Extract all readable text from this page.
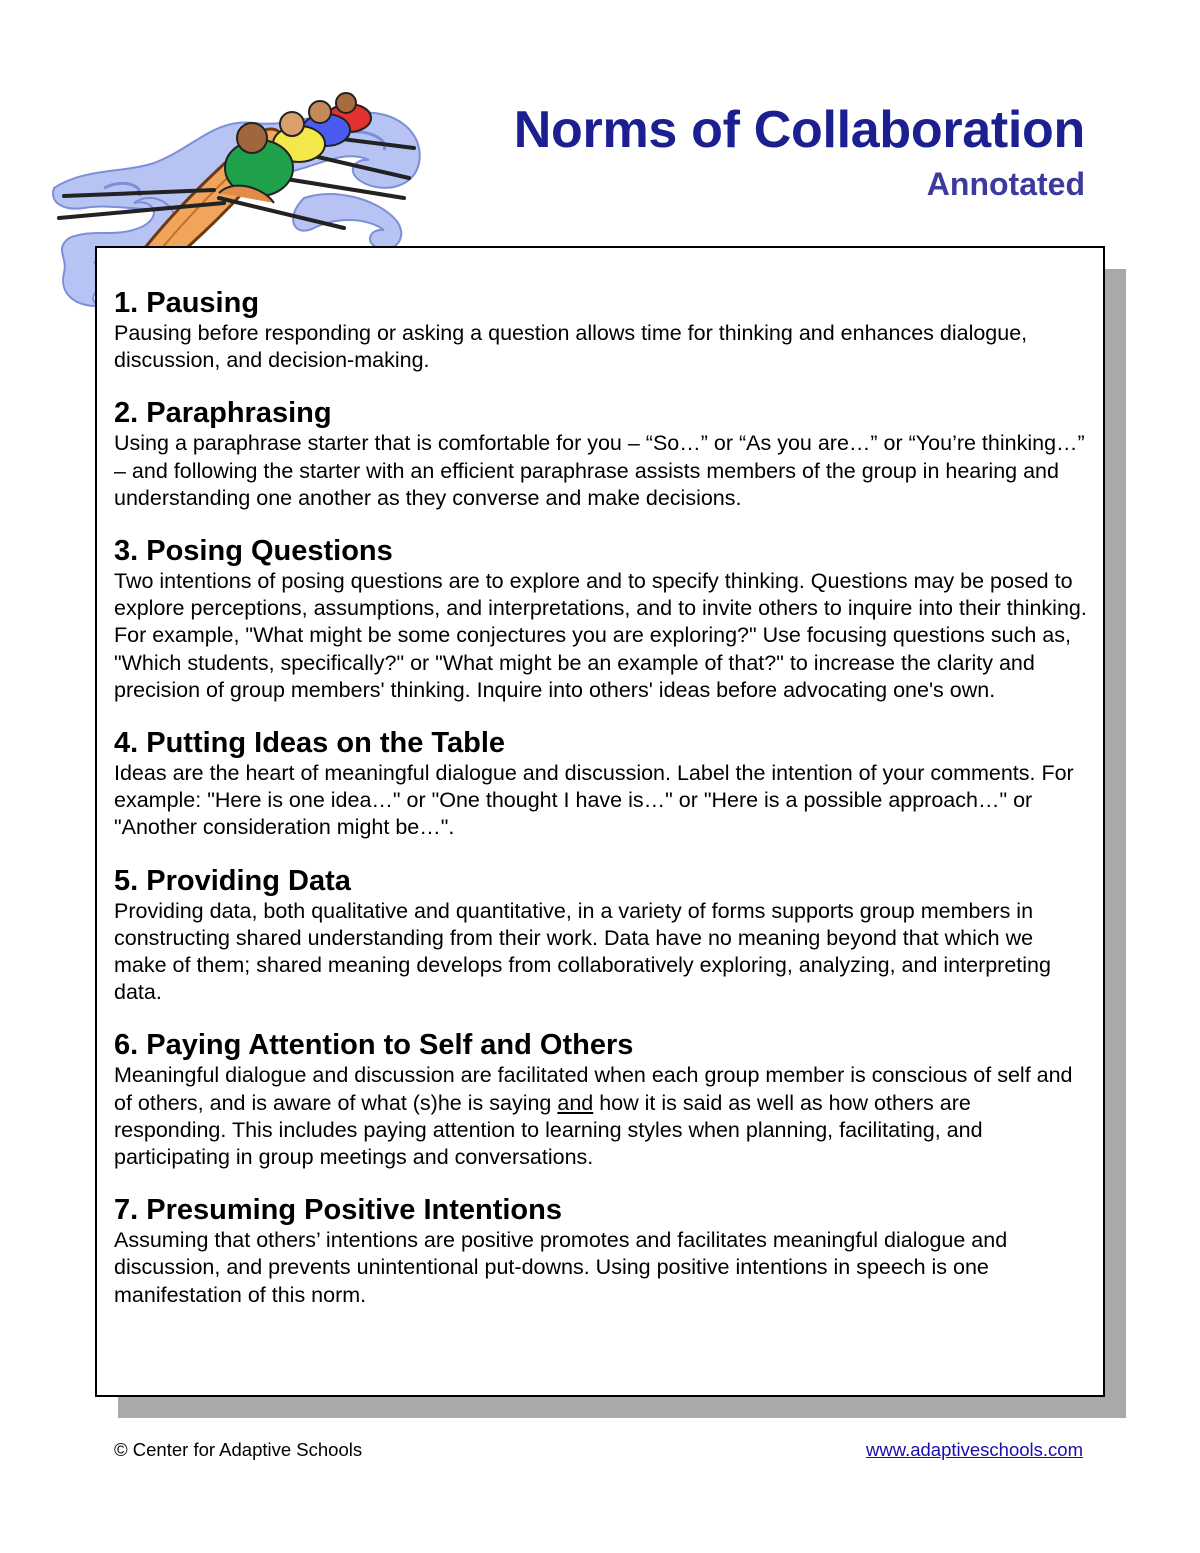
Norms of Collaboration
Annotated
1. Pausing

Pausing before responding or asking a question allows time for thinking and enhances dialogue, discussion, and decision-making.

2. Paraphrasing

Using a paraphrase starter that is comfortable for you – “So…” or “As you are…” or “You’re thinking…” – and following the starter with an efficient paraphrase assists members of the group in hearing and understanding one another as they converse and make decisions.

3. Posing Questions

Two intentions of posing questions are to explore and to specify thinking. Questions may be posed to explore perceptions, assumptions, and interpretations, and to invite others to inquire into their thinking. For example, "What might be some conjectures you are exploring?" Use focusing questions such as, "Which students, specifically?" or "What might be an example of that?" to increase the clarity and precision of group members' thinking. Inquire into others' ideas before advocating one's own.

4. Putting Ideas on the Table

Ideas are the heart of meaningful dialogue and discussion. Label the intention of your comments. For example: "Here is one idea…" or "One thought I have is…" or "Here is a possible approach…" or "Another consideration might be…".

5. Providing Data

Providing data, both qualitative and quantitative, in a variety of forms supports group members in constructing shared understanding from their work. Data have no meaning beyond that which we make of them; shared meaning develops from collaboratively exploring, analyzing, and interpreting data.

6. Paying Attention to Self and Others

Meaningful dialogue and discussion are facilitated when each group member is conscious of self and of others, and is aware of what (s)he is saying and how it is said as well as how others are responding. This includes paying attention to learning styles when planning, facilitating, and participating in group meetings and conversations.

7. Presuming Positive Intentions

Assuming that others’ intentions are positive promotes and facilitates meaningful dialogue and discussion, and prevents unintentional put-downs. Using positive intentions in speech is one manifestation of this norm.

© Center for Adaptive Schools	www.adaptiveschools.com
